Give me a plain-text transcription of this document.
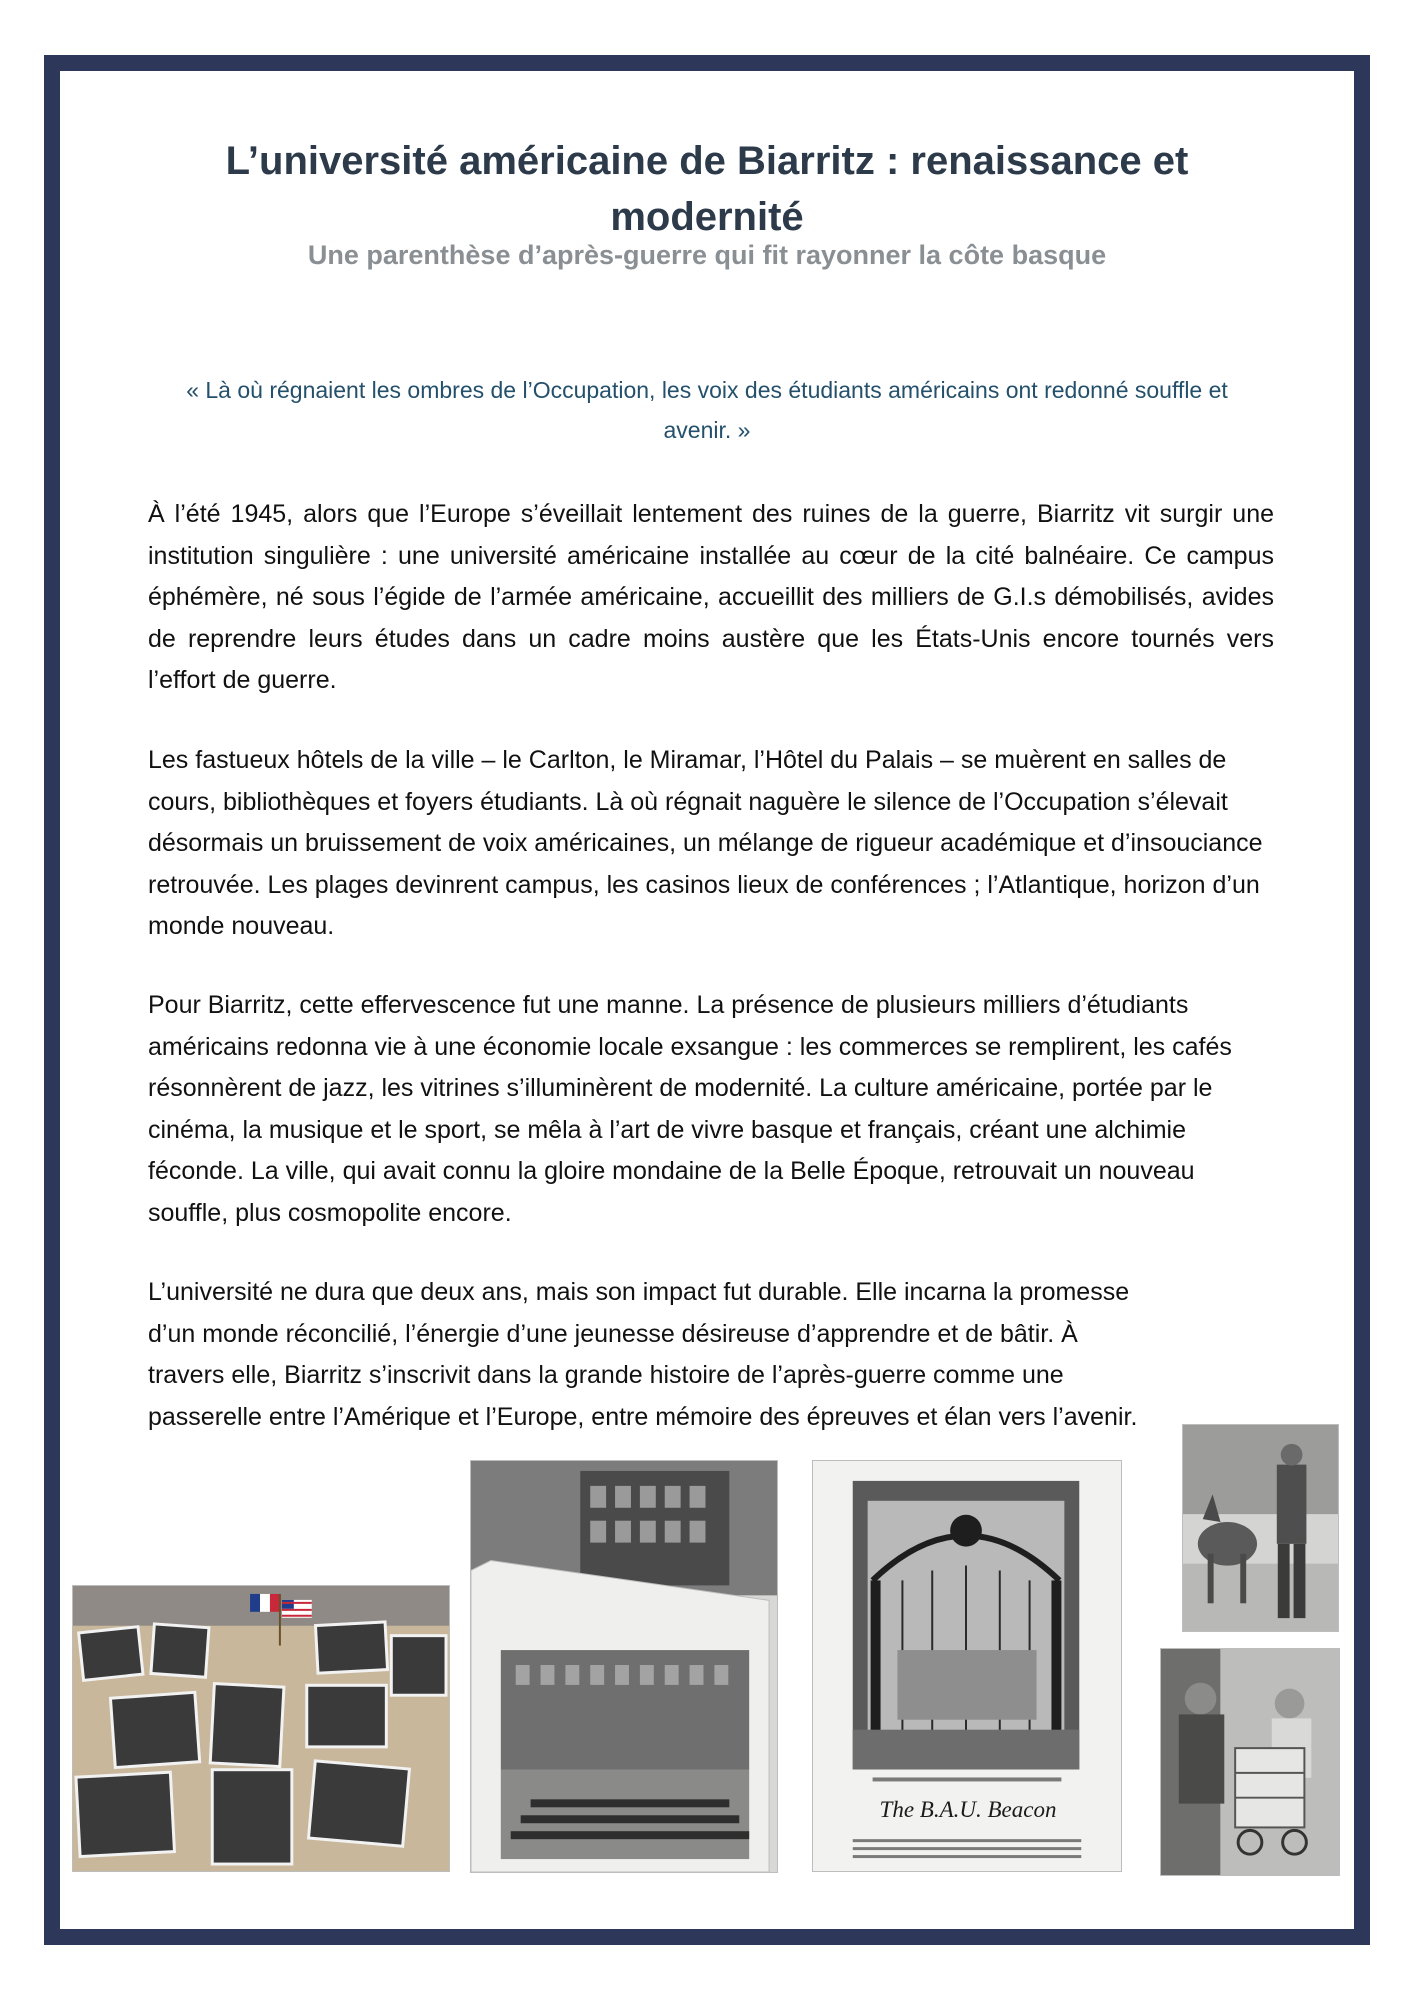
L’université américaine de Biarritz : renaissance et modernité

Une parenthèse d’après-guerre qui fit rayonner la côte basque

« Là où régnaient les ombres de l’Occupation, les voix des étudiants américains ont redonné souffle et avenir. »

À l’été 1945, alors que l’Europe s’éveillait lentement des ruines de la guerre, Biarritz vit surgir une institution singulière : une université américaine installée au cœur de la cité balnéaire. Ce campus éphémère, né sous l’égide de l’armée américaine, accueillit des milliers de G.I.s démobilisés, avides de reprendre leurs études dans un cadre moins austère que les États-Unis encore tournés vers l’effort de guerre.

Les fastueux hôtels de la ville – le Carlton, le Miramar, l’Hôtel du Palais – se muèrent en salles de cours, bibliothèques et foyers étudiants. Là où régnait naguère le silence de l’Occupation s’élevait désormais un bruissement de voix américaines, un mélange de rigueur académique et d’insouciance retrouvée. Les plages devinrent campus, les casinos lieux de conférences ; l’Atlantique, horizon d’un monde nouveau.

Pour Biarritz, cette effervescence fut une manne. La présence de plusieurs milliers d’étudiants américains redonna vie à une économie locale exsangue : les commerces se remplirent, les cafés résonnèrent de jazz, les vitrines s’illuminèrent de modernité. La culture américaine, portée par le cinéma, la musique et le sport, se mêla à l’art de vivre basque et français, créant une alchimie féconde. La ville, qui avait connu la gloire mondaine de la Belle Époque, retrouvait un nouveau souffle, plus cosmopolite encore.

L’université ne dura que deux ans, mais son impact fut durable. Elle incarna la promesse d’un monde réconcilié, l’énergie d’une jeunesse désireuse d’apprendre et de bâtir. À travers elle, Biarritz s’inscrivit dans la grande histoire de l’après-guerre comme une passerelle entre l’Amérique et l’Europe, entre mémoire des épreuves et élan vers l’avenir.

The B.A.U. Beacon
